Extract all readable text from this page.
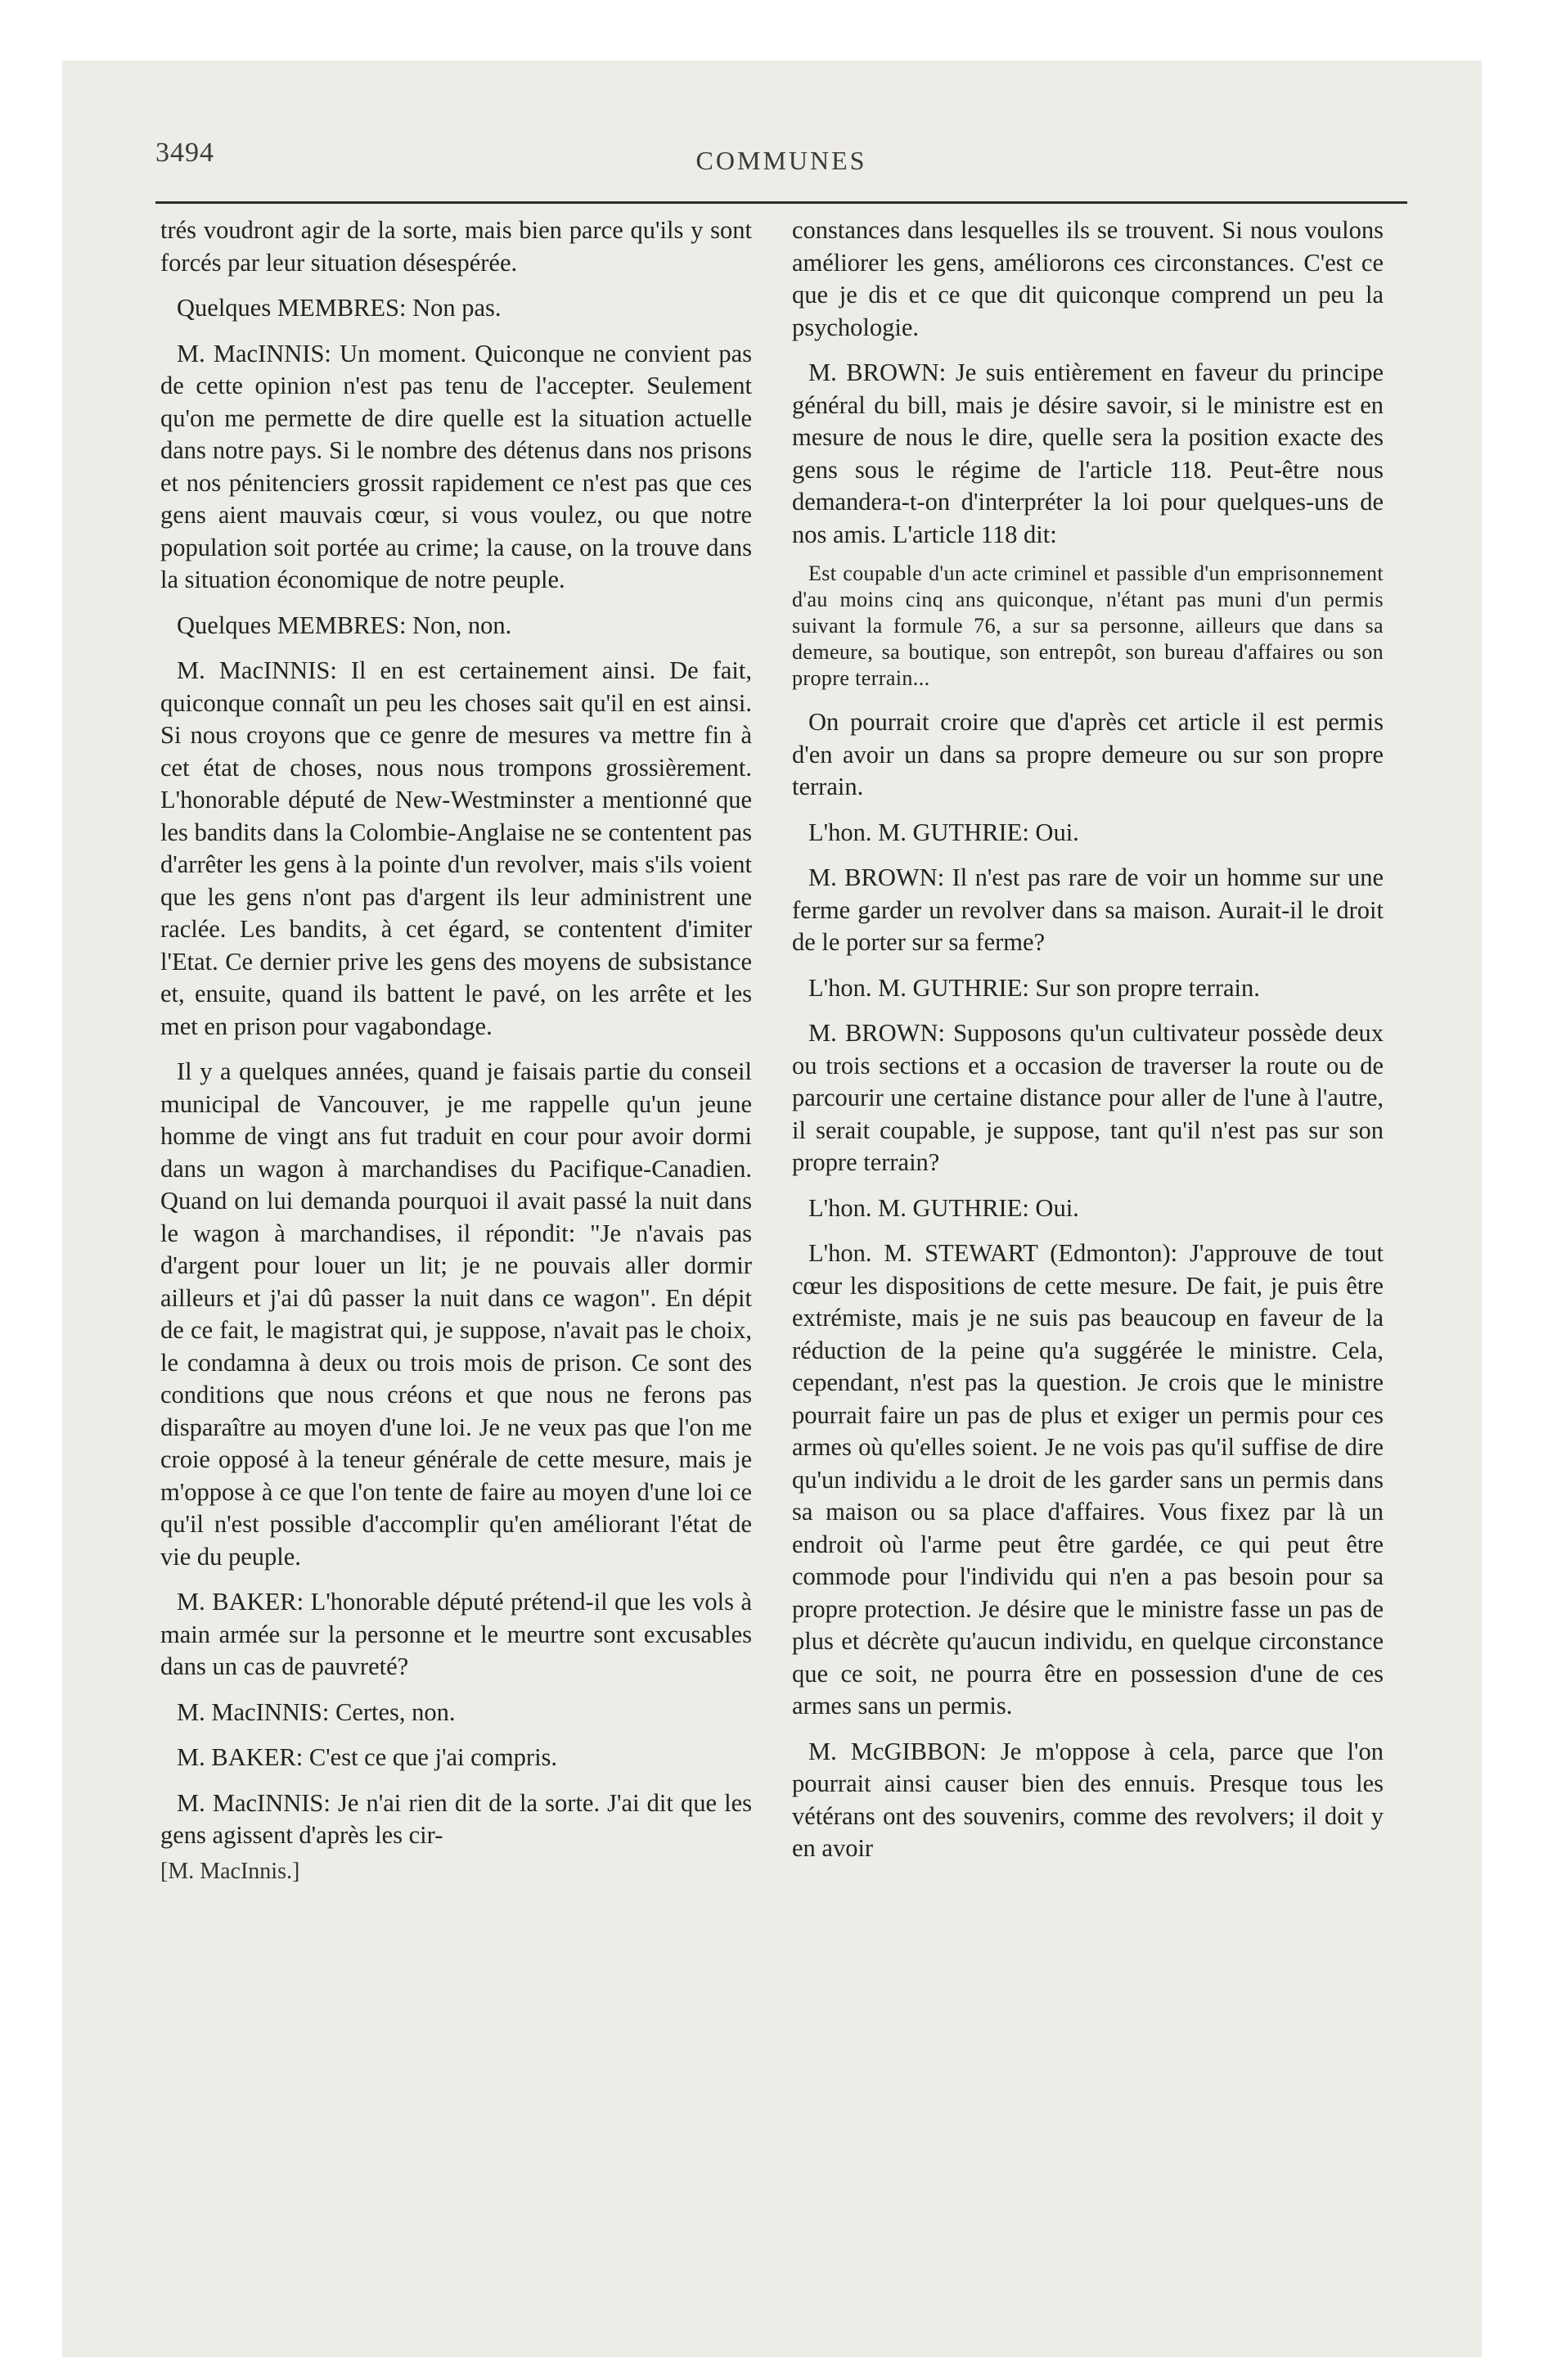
3494	COMMUNES

trés voudront agir de la sorte, mais bien parce qu'ils y sont forcés par leur situation désespérée.

Quelques MEMBRES: Non pas.

M. MacINNIS: Un moment. Quiconque ne convient pas de cette opinion n'est pas tenu de l'accepter. Seulement qu'on me permette de dire quelle est la situation actuelle dans notre pays. Si le nombre des détenus dans nos prisons et nos pénitenciers grossit rapidement ce n'est pas que ces gens aient mauvais cœur, si vous voulez, ou que notre population soit portée au crime; la cause, on la trouve dans la situation économique de notre peuple.

Quelques MEMBRES: Non, non.

M. MacINNIS: Il en est certainement ainsi. De fait, quiconque connaît un peu les choses sait qu'il en est ainsi. Si nous croyons que ce genre de mesures va mettre fin à cet état de choses, nous nous trompons grossièrement. L'honorable député de New-Westminster a mentionné que les bandits dans la Colombie-Anglaise ne se contentent pas d'arrêter les gens à la pointe d'un revolver, mais s'ils voient que les gens n'ont pas d'argent ils leur administrent une raclée. Les bandits, à cet égard, se contentent d'imiter l'Etat. Ce dernier prive les gens des moyens de subsistance et, ensuite, quand ils battent le pavé, on les arrête et les met en prison pour vagabondage.

Il y a quelques années, quand je faisais partie du conseil municipal de Vancouver, je me rappelle qu'un jeune homme de vingt ans fut traduit en cour pour avoir dormi dans un wagon à marchandises du Pacifique-Canadien. Quand on lui demanda pourquoi il avait passé la nuit dans le wagon à marchandises, il répondit: "Je n'avais pas d'argent pour louer un lit; je ne pouvais aller dormir ailleurs et j'ai dû passer la nuit dans ce wagon". En dépit de ce fait, le magistrat qui, je suppose, n'avait pas le choix, le condamna à deux ou trois mois de prison. Ce sont des conditions que nous créons et que nous ne ferons pas disparaître au moyen d'une loi. Je ne veux pas que l'on me croie opposé à la teneur générale de cette mesure, mais je m'oppose à ce que l'on tente de faire au moyen d'une loi ce qu'il n'est possible d'accomplir qu'en améliorant l'état de vie du peuple.

M. BAKER: L'honorable député prétend-il que les vols à main armée sur la personne et le meurtre sont excusables dans un cas de pauvreté?

M. MacINNIS: Certes, non.

M. BAKER: C'est ce que j'ai compris.

M. MacINNIS: Je n'ai rien dit de la sorte. J'ai dit que les gens agissent d'après les cir-

[M. MacInnis.]

constances dans lesquelles ils se trouvent. Si nous voulons améliorer les gens, améliorons ces circonstances. C'est ce que je dis et ce que dit quiconque comprend un peu la psychologie.

M. BROWN: Je suis entièrement en faveur du principe général du bill, mais je désire savoir, si le ministre est en mesure de nous le dire, quelle sera la position exacte des gens sous le régime de l'article 118. Peut-être nous demandera-t-on d'interpréter la loi pour quelques-uns de nos amis. L'article 118 dit:

Est coupable d'un acte criminel et passible d'un emprisonnement d'au moins cinq ans quiconque, n'étant pas muni d'un permis suivant la formule 76, a sur sa personne, ailleurs que dans sa demeure, sa boutique, son entrepôt, son bureau d'affaires ou son propre terrain...

On pourrait croire que d'après cet article il est permis d'en avoir un dans sa propre demeure ou sur son propre terrain.

L'hon. M. GUTHRIE: Oui.

M. BROWN: Il n'est pas rare de voir un homme sur une ferme garder un revolver dans sa maison. Aurait-il le droit de le porter sur sa ferme?

L'hon. M. GUTHRIE: Sur son propre terrain.

M. BROWN: Supposons qu'un cultivateur possède deux ou trois sections et a occasion de traverser la route ou de parcourir une certaine distance pour aller de l'une à l'autre, il serait coupable, je suppose, tant qu'il n'est pas sur son propre terrain?

L'hon. M. GUTHRIE: Oui.

L'hon. M. STEWART (Edmonton): J'approuve de tout cœur les dispositions de cette mesure. De fait, je puis être extrémiste, mais je ne suis pas beaucoup en faveur de la réduction de la peine qu'a suggérée le ministre. Cela, cependant, n'est pas la question. Je crois que le ministre pourrait faire un pas de plus et exiger un permis pour ces armes où qu'elles soient. Je ne vois pas qu'il suffise de dire qu'un individu a le droit de les garder sans un permis dans sa maison ou sa place d'affaires. Vous fixez par là un endroit où l'arme peut être gardée, ce qui peut être commode pour l'individu qui n'en a pas besoin pour sa propre protection. Je désire que le ministre fasse un pas de plus et décrète qu'aucun individu, en quelque circonstance que ce soit, ne pourra être en possession d'une de ces armes sans un permis.

M. McGIBBON: Je m'oppose à cela, parce que l'on pourrait ainsi causer bien des ennuis. Presque tous les vétérans ont des souvenirs, comme des revolvers; il doit y en avoir
